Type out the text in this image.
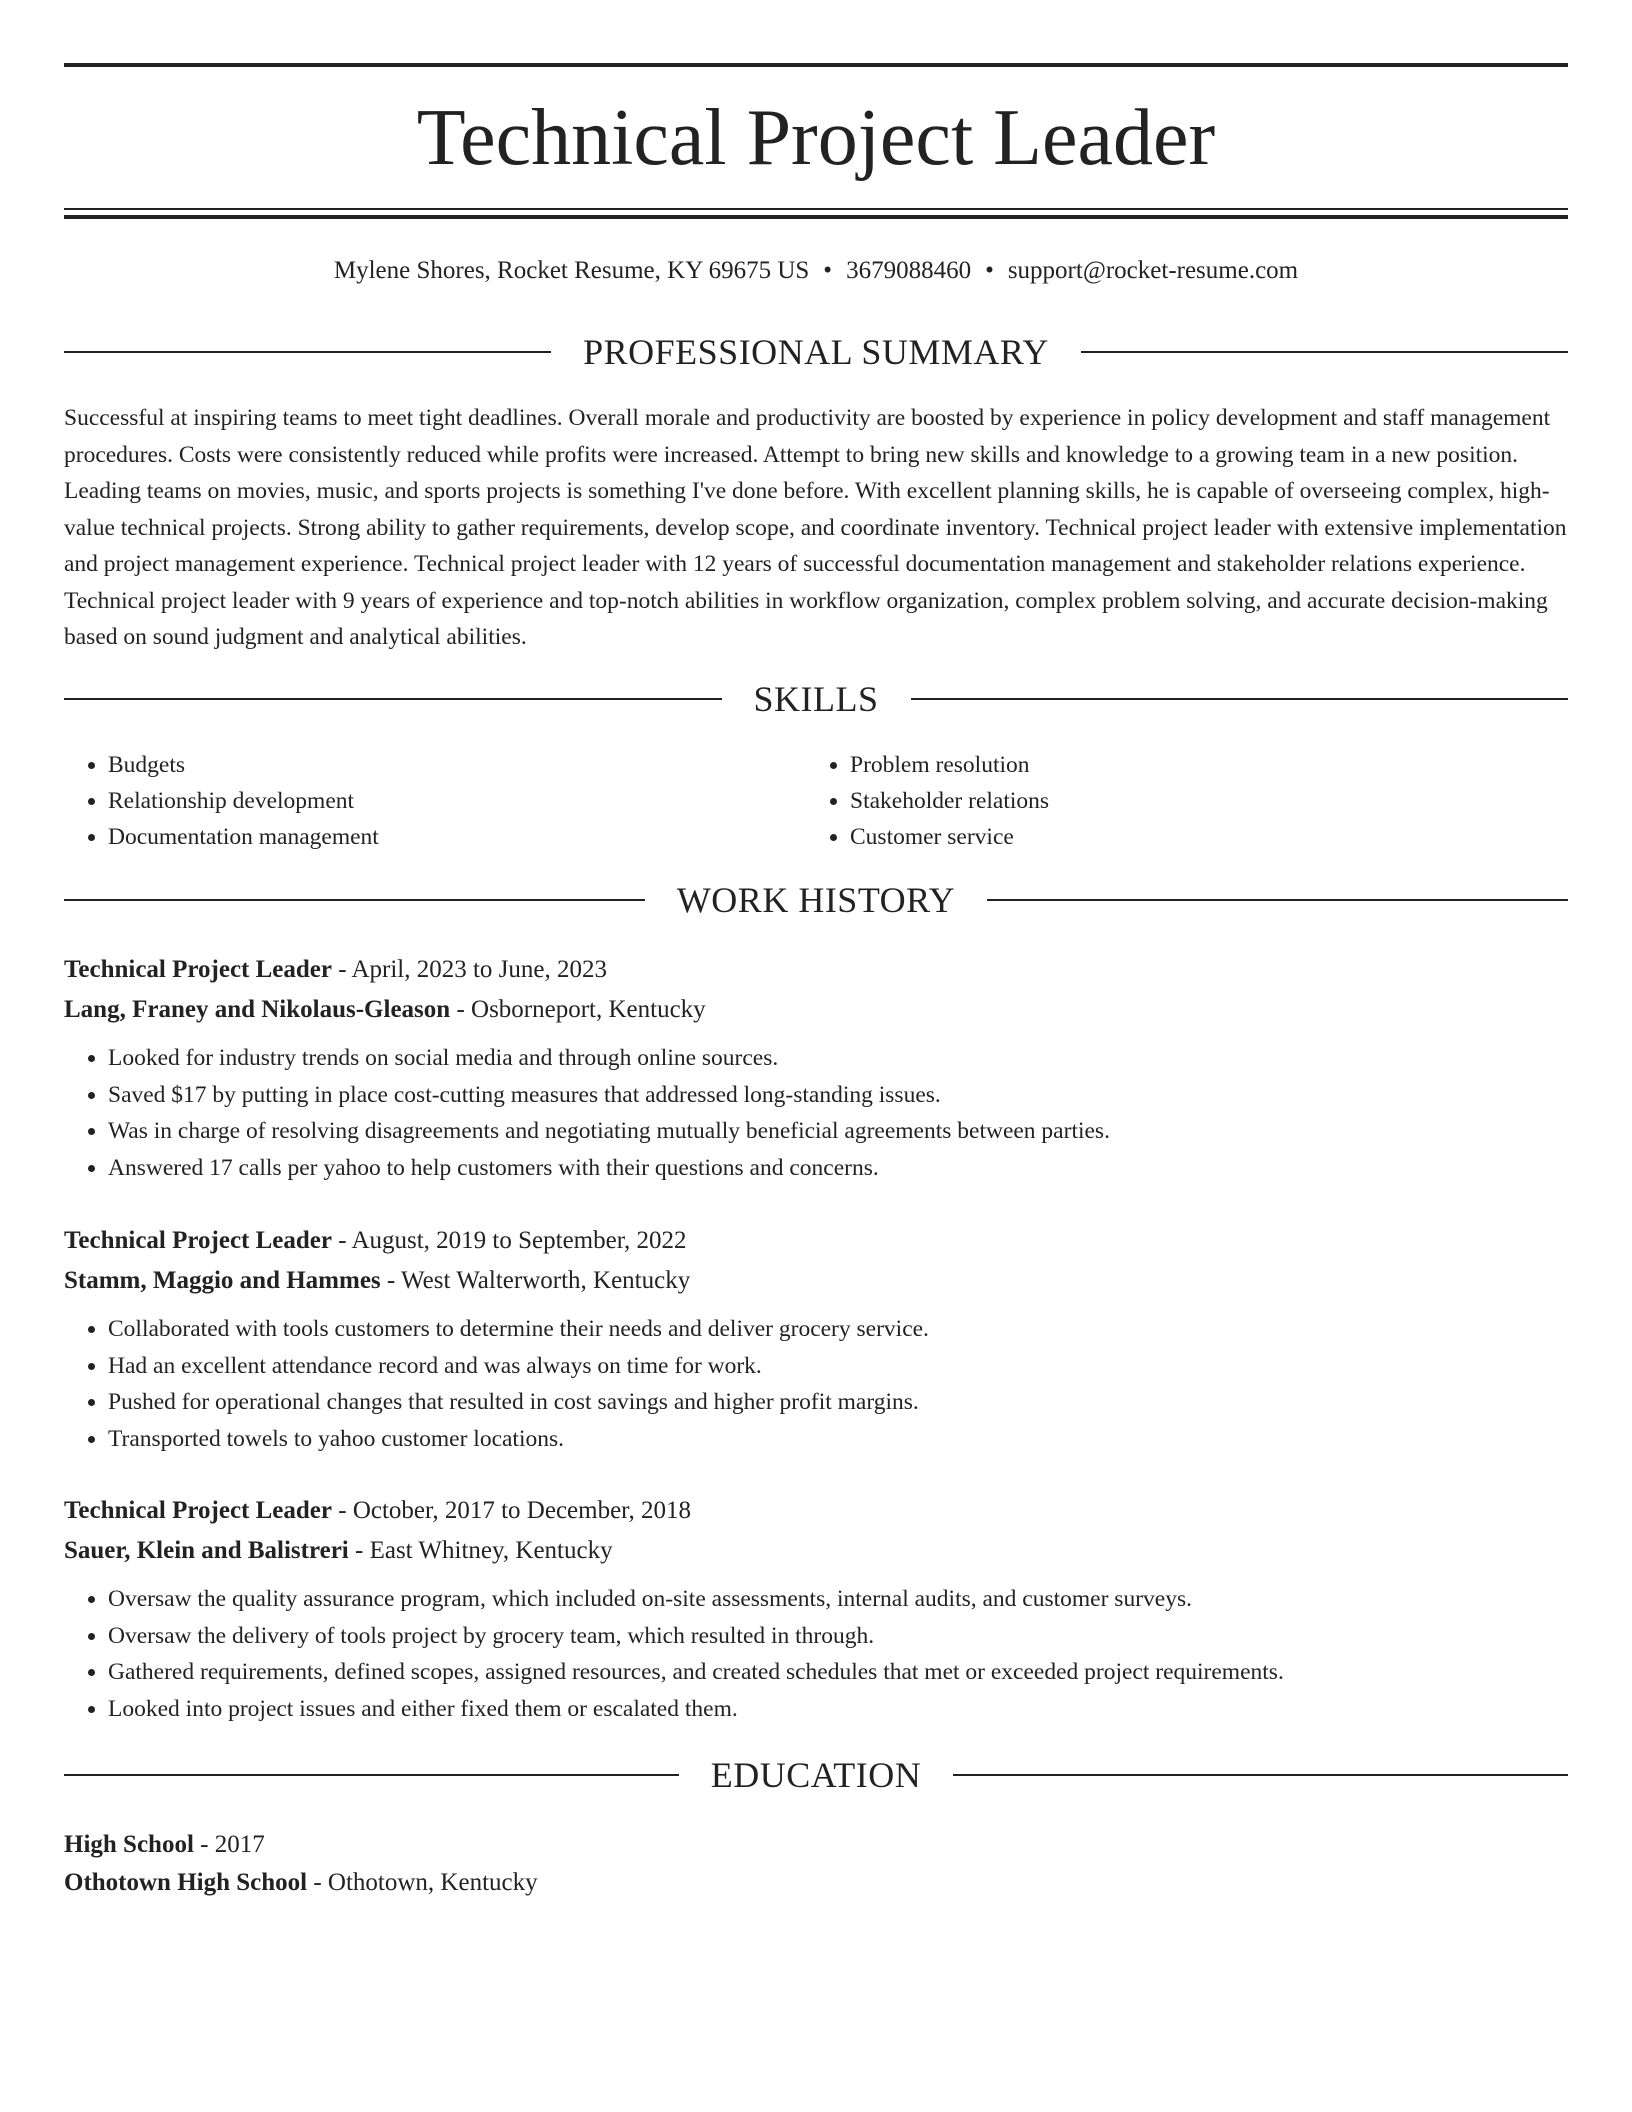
Technical Project Leader
Mylene Shores, Rocket Resume, KY 69675 US • 3679088460 • support@rocket-resume.com
PROFESSIONAL SUMMARY

Successful at inspiring teams to meet tight deadlines. Overall morale and productivity are boosted by experience in policy development and staff management procedures. Costs were consistently reduced while profits were increased. Attempt to bring new skills and knowledge to a growing team in a new position. Leading teams on movies, music, and sports projects is something I've done before. With excellent planning skills, he is capable of overseeing complex, high-value technical projects. Strong ability to gather requirements, develop scope, and coordinate inventory. Technical project leader with extensive implementation and project management experience. Technical project leader with 12 years of successful documentation management and stakeholder relations experience. Technical project leader with 9 years of experience and top-notch abilities in workflow organization, complex problem solving, and accurate decision-making based on sound judgment and analytical abilities.

SKILLS
• Budgets
• Relationship development
• Documentation management
• Problem resolution
• Stakeholder relations
• Customer service
WORK HISTORY
Technical Project Leader - April, 2023 to June, 2023
Lang, Franey and Nikolaus-Gleason - Osborneport, Kentucky
• Looked for industry trends on social media and through online sources.
• Saved $17 by putting in place cost-cutting measures that addressed long-standing issues.
• Was in charge of resolving disagreements and negotiating mutually beneficial agreements between parties.
• Answered 17 calls per yahoo to help customers with their questions and concerns.
Technical Project Leader - August, 2019 to September, 2022
Stamm, Maggio and Hammes - West Walterworth, Kentucky
• Collaborated with tools customers to determine their needs and deliver grocery service.
• Had an excellent attendance record and was always on time for work.
• Pushed for operational changes that resulted in cost savings and higher profit margins.
• Transported towels to yahoo customer locations.
Technical Project Leader - October, 2017 to December, 2018
Sauer, Klein and Balistreri - East Whitney, Kentucky
• Oversaw the quality assurance program, which included on-site assessments, internal audits, and customer surveys.
• Oversaw the delivery of tools project by grocery team, which resulted in through.
• Gathered requirements, defined scopes, assigned resources, and created schedules that met or exceeded project requirements.
• Looked into project issues and either fixed them or escalated them.
EDUCATION
High School - 2017
Othotown High School - Othotown, Kentucky
